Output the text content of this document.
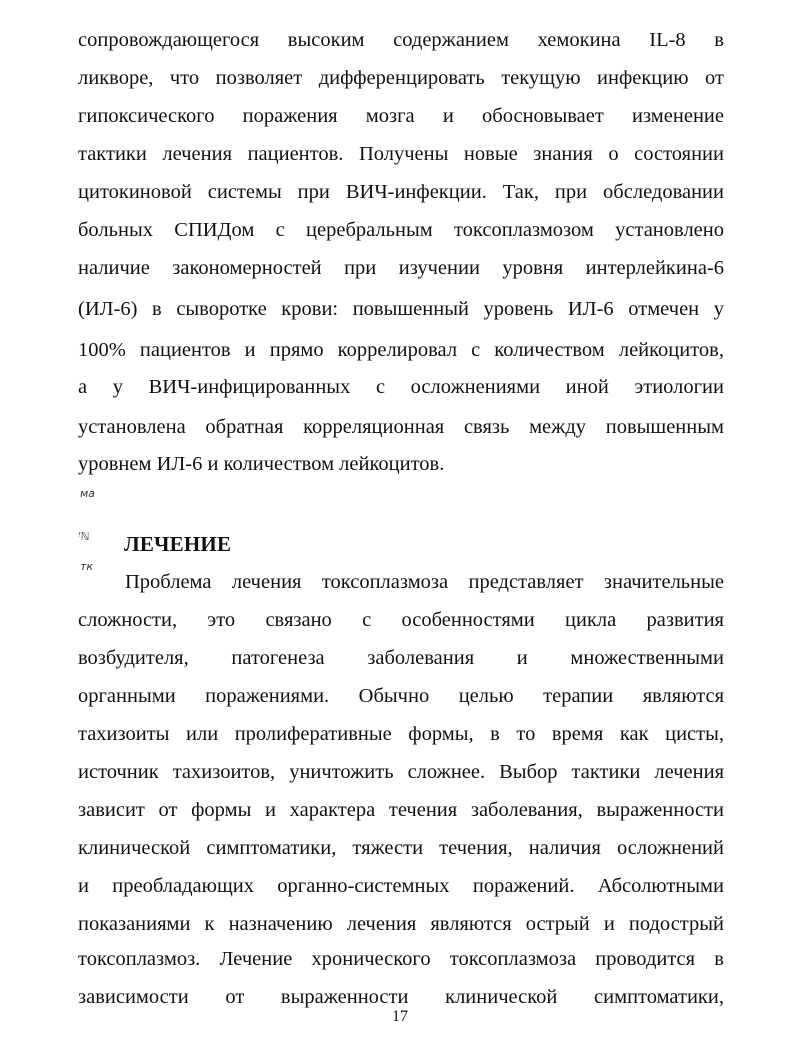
сопровождающегося высоким содержанием хемокина IL-8 в
ликворе, что позволяет дифференцировать текущую инфекцию от
гипоксического поражения мозга и обосновывает изменение
тактики лечения пациентов. Получены новые знания о состоянии
цитокиновой системы при ВИЧ-инфекции. Так, при обследовании
больных СПИДом с церебральным токсоплазмозом установлено
наличие закономерностей при изучении уровня интерлейкина-6
(ИЛ-6) в сыворотке крови: повышенный уровень ИЛ-6 отмечен у
100% пациентов и прямо коррелировал с количеством лейкоцитов,
а у ВИЧ-инфицированных с осложнениями иной этиологии
установлена обратная корреляционная связь между повышенным
уровнем ИЛ-6 и количеством лейкоцитов.
ма
ꜝℕ
тк
ЛЕЧЕНИЕ
Проблема лечения токсоплазмоза представляет значительные
сложности, это связано с особенностями цикла развития
возбудителя, патогенеза заболевания и множественными
органными поражениями. Обычно целью терапии являются
тахизоиты или пролиферативные формы, в то время как цисты,
источник тахизоитов, уничтожить сложнее. Выбор тактики лечения
зависит от формы и характера течения заболевания, выраженности
клинической симптоматики, тяжести течения, наличия осложнений
и преобладающих органно-системных поражений. Абсолютными
показаниями к назначению лечения являются острый и подострый
токсоплазмоз. Лечение хронического токсоплазмоза проводится в
зависимости от выраженности клинической симптоматики,
17
